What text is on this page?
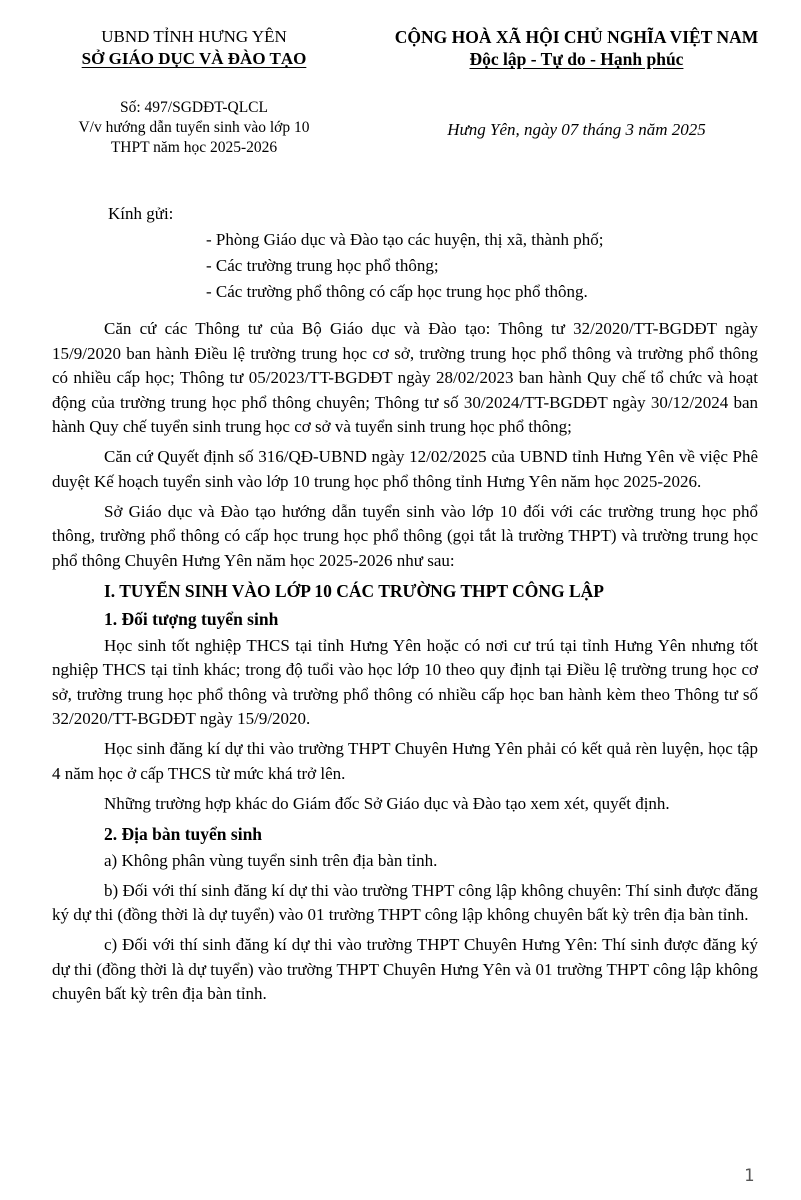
UBND TỈNH HƯNG YÊN
SỞ GIÁO DỤC VÀ ĐÀO TẠO
CỘNG HOÀ XÃ HỘI CHỦ NGHĨA VIỆT NAM
Độc lập - Tự do - Hạnh phúc
Số: 497/SGDĐT-QLCL
V/v hướng dẫn tuyển sinh vào lớp 10
THPT năm học 2025-2026
Hưng Yên, ngày 07 tháng 3 năm 2025
Kính gửi:
- Phòng Giáo dục và Đào tạo các huyện, thị xã, thành phố;
- Các trường trung học phổ thông;
- Các trường phổ thông có cấp học trung học phổ thông.

Căn cứ các Thông tư của Bộ Giáo dục và Đào tạo: Thông tư 32/2020/TT-BGDĐT ngày 15/9/2020 ban hành Điều lệ trường trung học cơ sở, trường trung học phổ thông và trường phổ thông có nhiều cấp học; Thông tư 05/2023/TT-BGDĐT ngày 28/02/2023 ban hành Quy chế tổ chức và hoạt động của trường trung học phổ thông chuyên; Thông tư số 30/2024/TT-BGDĐT ngày 30/12/2024 ban hành Quy chế tuyển sinh trung học cơ sở và tuyển sinh trung học phổ thông;

Căn cứ Quyết định số 316/QĐ-UBND ngày 12/02/2025 của UBND tỉnh Hưng Yên về việc Phê duyệt Kế hoạch tuyển sinh vào lớp 10 trung học phổ thông tỉnh Hưng Yên năm học 2025-2026.

Sở Giáo dục và Đào tạo hướng dẫn tuyển sinh vào lớp 10 đối với các trường trung học phổ thông, trường phổ thông có cấp học trung học phổ thông (gọi tắt là trường THPT) và trường trung học phổ thông Chuyên Hưng Yên năm học 2025-2026 như sau:

I. TUYỂN SINH VÀO LỚP 10 CÁC TRƯỜNG THPT CÔNG LẬP
1. Đối tượng tuyển sinh

Học sinh tốt nghiệp THCS tại tỉnh Hưng Yên hoặc có nơi cư trú tại tỉnh Hưng Yên nhưng tốt nghiệp THCS tại tỉnh khác; trong độ tuổi vào học lớp 10 theo quy định tại Điều lệ trường trung học cơ sở, trường trung học phổ thông và trường phổ thông có nhiều cấp học ban hành kèm theo Thông tư số 32/2020/TT-BGDĐT ngày 15/9/2020.

Học sinh đăng kí dự thi vào trường THPT Chuyên Hưng Yên phải có kết quả rèn luyện, học tập 4 năm học ở cấp THCS từ mức khá trở lên.

Những trường hợp khác do Giám đốc Sở Giáo dục và Đào tạo xem xét, quyết định.

2. Địa bàn tuyển sinh

a) Không phân vùng tuyển sinh trên địa bàn tỉnh.

b) Đối với thí sinh đăng kí dự thi vào trường THPT công lập không chuyên: Thí sinh được đăng ký dự thi (đồng thời là dự tuyển) vào 01 trường THPT công lập không chuyên bất kỳ trên địa bàn tỉnh.

c) Đối với thí sinh đăng kí dự thi vào trường THPT Chuyên Hưng Yên: Thí sinh được đăng ký dự thi (đồng thời là dự tuyển) vào trường THPT Chuyên Hưng Yên và 01 trường THPT công lập không chuyên bất kỳ trên địa bàn tỉnh.

1
